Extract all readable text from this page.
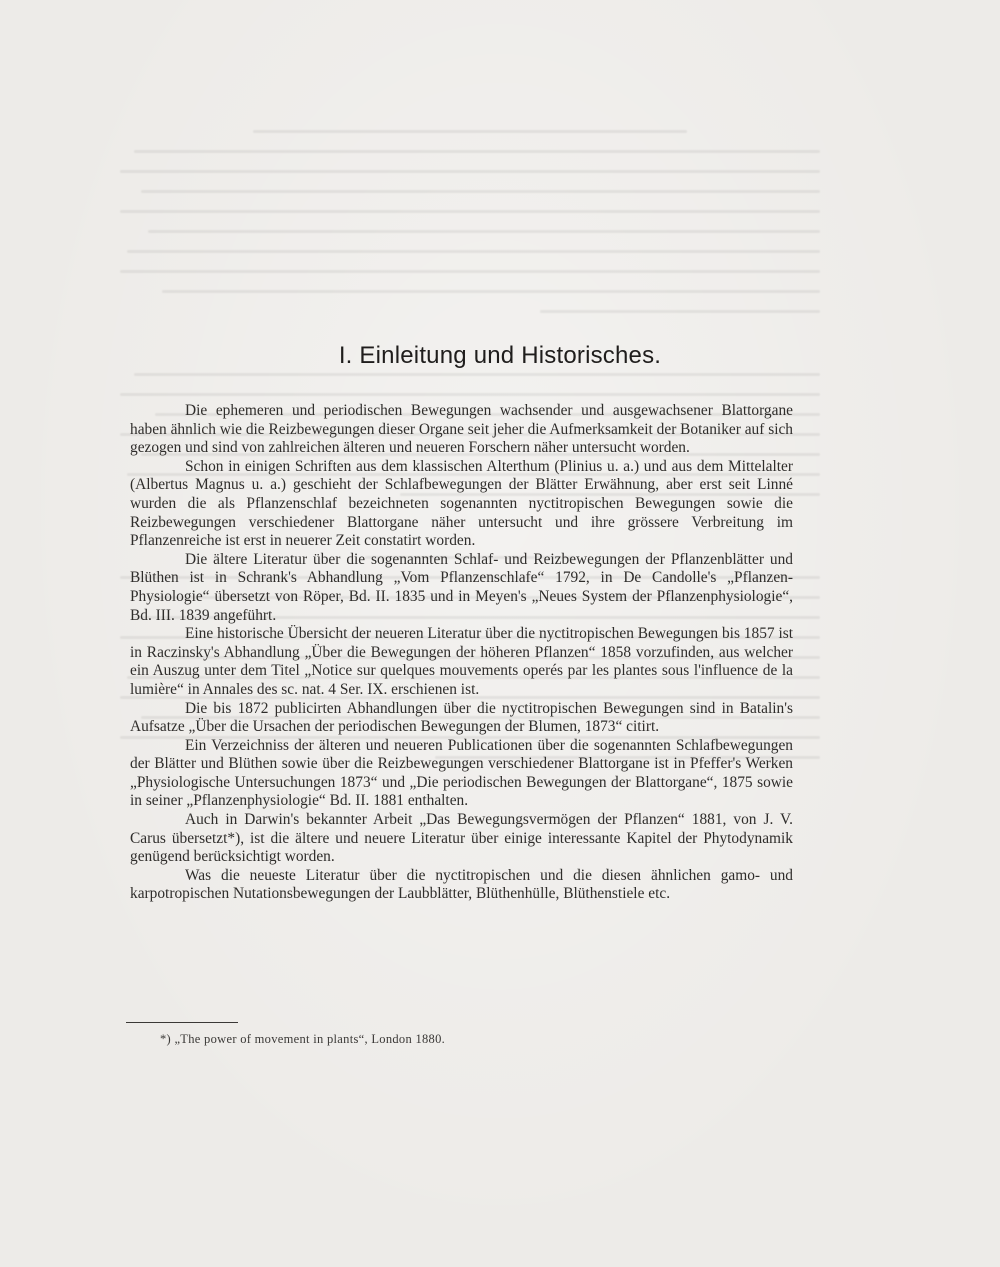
I. Einleitung und Historisches.

Die ephemeren und periodischen Bewegungen wachsender und ausgewachsener Blattorgane haben ähnlich wie die Reizbewegungen dieser Organe seit jeher die Aufmerksamkeit der Botaniker auf sich gezogen und sind von zahlreichen älteren und neueren Forschern näher untersucht worden.

Schon in einigen Schriften aus dem klassischen Alterthum (Plinius u. a.) und aus dem Mittelalter (Albertus Magnus u. a.) geschieht der Schlafbewegungen der Blätter Erwähnung, aber erst seit Linné wurden die als Pflanzenschlaf bezeichneten sogenannten nyctitropischen Bewegungen sowie die Reizbewegungen verschiedener Blattorgane näher untersucht und ihre grössere Verbreitung im Pflanzenreiche ist erst in neuerer Zeit constatirt worden.

Die ältere Literatur über die sogenannten Schlaf- und Reizbewegungen der Pflanzenblätter und Blüthen ist in Schrank's Abhandlung „Vom Pflanzenschlafe“ 1792, in De Candolle's „Pflanzen-Physiologie“ übersetzt von Röper, Bd. II. 1835 und in Meyen's „Neues System der Pflanzenphysiologie“, Bd. III. 1839 angeführt.

Eine historische Übersicht der neueren Literatur über die nyctitropischen Bewegungen bis 1857 ist in Raczinsky's Abhandlung „Über die Bewegungen der höheren Pflanzen“ 1858 vorzufinden, aus welcher ein Auszug unter dem Titel „Notice sur quelques mouvements operés par les plantes sous l'influence de la lumière“ in Annales des sc. nat. 4 Ser. IX. erschienen ist.

Die bis 1872 publicirten Abhandlungen über die nyctitropischen Bewegungen sind in Batalin's Aufsatze „Über die Ursachen der periodischen Bewegungen der Blumen, 1873“ citirt.

Ein Verzeichniss der älteren und neueren Publicationen über die sogenannten Schlafbewegungen der Blätter und Blüthen sowie über die Reizbewegungen verschiedener Blattorgane ist in Pfeffer's Werken „Physiologische Untersuchungen 1873“ und „Die periodischen Bewegungen der Blattorgane“, 1875 sowie in seiner „Pflanzenphysiologie“ Bd. II. 1881 enthalten.

Auch in Darwin's bekannter Arbeit „Das Bewegungsvermögen der Pflanzen“ 1881, von J. V. Carus übersetzt*), ist die ältere und neuere Literatur über einige interessante Kapitel der Phytodynamik genügend berücksichtigt worden.

Was die neueste Literatur über die nyctitropischen und die diesen ähnlichen gamo- und karpotropischen Nutationsbewegungen der Laubblätter, Blüthenhülle, Blüthenstiele etc.

*) „The power of movement in plants“, London 1880.
